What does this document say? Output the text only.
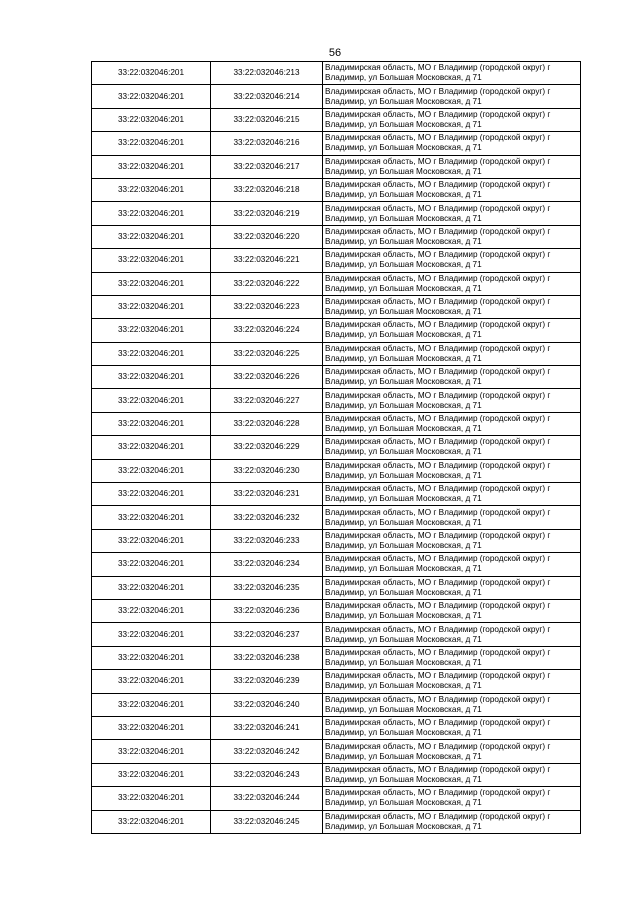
56
33:22:032046:201	33:22:032046:213	Владимирская область, МО г Владимир (городской округ) г
Владимир, ул Большая Московская, д 71

33:22:032046:201	33:22:032046:214	Владимирская область, МО г Владимир (городской округ) г
Владимир, ул Большая Московская, д 71

33:22:032046:201	33:22:032046:215	Владимирская область, МО г Владимир (городской округ) г
Владимир, ул Большая Московская, д 71

33:22:032046:201	33:22:032046:216	Владимирская область, МО г Владимир (городской округ) г
Владимир, ул Большая Московская, д 71

33:22:032046:201	33:22:032046:217	Владимирская область, МО г Владимир (городской округ) г
Владимир, ул Большая Московская, д 71

33:22:032046:201	33:22:032046:218	Владимирская область, МО г Владимир (городской округ) г
Владимир, ул Большая Московская, д 71

33:22:032046:201	33:22:032046:219	Владимирская область, МО г Владимир (городской округ) г
Владимир, ул Большая Московская, д 71

33:22:032046:201	33:22:032046:220	Владимирская область, МО г Владимир (городской округ) г
Владимир, ул Большая Московская, д 71

33:22:032046:201	33:22:032046:221	Владимирская область, МО г Владимир (городской округ) г
Владимир, ул Большая Московская, д 71

33:22:032046:201	33:22:032046:222	Владимирская область, МО г Владимир (городской округ) г
Владимир, ул Большая Московская, д 71

33:22:032046:201	33:22:032046:223	Владимирская область, МО г Владимир (городской округ) г
Владимир, ул Большая Московская, д 71

33:22:032046:201	33:22:032046:224	Владимирская область, МО г Владимир (городской округ) г
Владимир, ул Большая Московская, д 71

33:22:032046:201	33:22:032046:225	Владимирская область, МО г Владимир (городской округ) г
Владимир, ул Большая Московская, д 71

33:22:032046:201	33:22:032046:226	Владимирская область, МО г Владимир (городской округ) г
Владимир, ул Большая Московская, д 71

33:22:032046:201	33:22:032046:227	Владимирская область, МО г Владимир (городской округ) г
Владимир, ул Большая Московская, д 71

33:22:032046:201	33:22:032046:228	Владимирская область, МО г Владимир (городской округ) г
Владимир, ул Большая Московская, д 71

33:22:032046:201	33:22:032046:229	Владимирская область, МО г Владимир (городской округ) г
Владимир, ул Большая Московская, д 71

33:22:032046:201	33:22:032046:230	Владимирская область, МО г Владимир (городской округ) г
Владимир, ул Большая Московская, д 71

33:22:032046:201	33:22:032046:231	Владимирская область, МО г Владимир (городской округ) г
Владимир, ул Большая Московская, д 71

33:22:032046:201	33:22:032046:232	Владимирская область, МО г Владимир (городской округ) г
Владимир, ул Большая Московская, д 71

33:22:032046:201	33:22:032046:233	Владимирская область, МО г Владимир (городской округ) г
Владимир, ул Большая Московская, д 71

33:22:032046:201	33:22:032046:234	Владимирская область, МО г Владимир (городской округ) г
Владимир, ул Большая Московская, д 71

33:22:032046:201	33:22:032046:235	Владимирская область, МО г Владимир (городской округ) г
Владимир, ул Большая Московская, д 71

33:22:032046:201	33:22:032046:236	Владимирская область, МО г Владимир (городской округ) г
Владимир, ул Большая Московская, д 71

33:22:032046:201	33:22:032046:237	Владимирская область, МО г Владимир (городской округ) г
Владимир, ул Большая Московская, д 71

33:22:032046:201	33:22:032046:238	Владимирская область, МО г Владимир (городской округ) г
Владимир, ул Большая Московская, д 71

33:22:032046:201	33:22:032046:239	Владимирская область, МО г Владимир (городской округ) г
Владимир, ул Большая Московская, д 71

33:22:032046:201	33:22:032046:240	Владимирская область, МО г Владимир (городской округ) г
Владимир, ул Большая Московская, д 71

33:22:032046:201	33:22:032046:241	Владимирская область, МО г Владимир (городской округ) г
Владимир, ул Большая Московская, д 71

33:22:032046:201	33:22:032046:242	Владимирская область, МО г Владимир (городской округ) г
Владимир, ул Большая Московская, д 71

33:22:032046:201	33:22:032046:243	Владимирская область, МО г Владимир (городской округ) г
Владимир, ул Большая Московская, д 71

33:22:032046:201	33:22:032046:244	Владимирская область, МО г Владимир (городской округ) г
Владимир, ул Большая Московская, д 71

33:22:032046:201	33:22:032046:245	Владимирская область, МО г Владимир (городской округ) г
Владимир, ул Большая Московская, д 71
